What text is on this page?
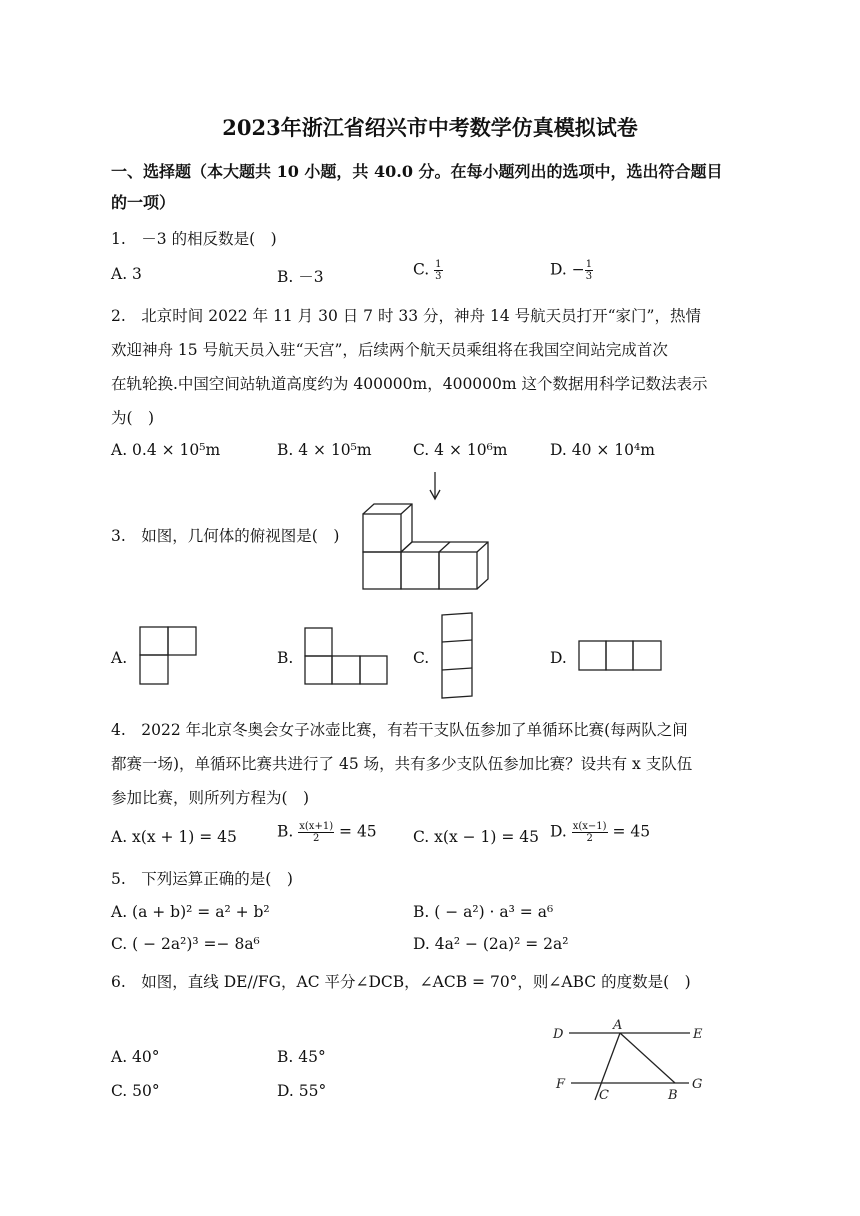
2023年浙江省绍兴市中考数学仿真模拟试卷
一、选择题（本大题共 10 小题，共 40.0 分。在每小题列出的选项中，选出符合题目
的一项）
1.　－3 的相反数是(　)
A. 3	B. －3	C. $\frac{1}{3}$	D. − $\frac{1}{3}$
2.　北京时间 2022 年 11 月 30 日 7 时 33 分，神舟 14 号航天员打开“家门”，热情
欢迎神舟 15 号航天员入驻“天宫”，后续两个航天员乘组将在我国空间站完成首次
在轨轮换.中国空间站轨道高度约为 400000m，400000m 这个数据用科学记数法表示
为(　)
A. 0.4 × 10⁵m	B. 4 × 10⁵m	C. 4 × 10⁶m	D. 40 × 10⁴m
3.　如图，几何体的俯视图是(　)
A.	B.	C.	D.
4.　2022 年北京冬奥会女子冰壶比赛，有若干支队伍参加了单循环比赛(每两队之间
都赛一场)，单循环比赛共进行了 45 场，共有多少支队伍参加比赛？设共有 x 支队伍
参加比赛，则所列方程为(　)
A. x(x + 1) = 45	B. $\frac{x(x+1)}{2} = 45$ C. x(x − 1) = 45 D. $\frac{x(x-1)}{2} = 45$
5.　下列运算正确的是(　)
A. (a + b)² = a² + b²	B. ( − a²) · a³ = a⁶
C. ( − 2a²)³ =− 8a⁶	D. 4a² − (2a)² = 2a²
6.　如图，直线 DE//FG，AC 平分∠DCB，∠ACB = 70°，则∠ABC 的度数是(　)
A. 40°	B. 45°
C. 50°	D. 55°
D
A
E
F
C	B
G
